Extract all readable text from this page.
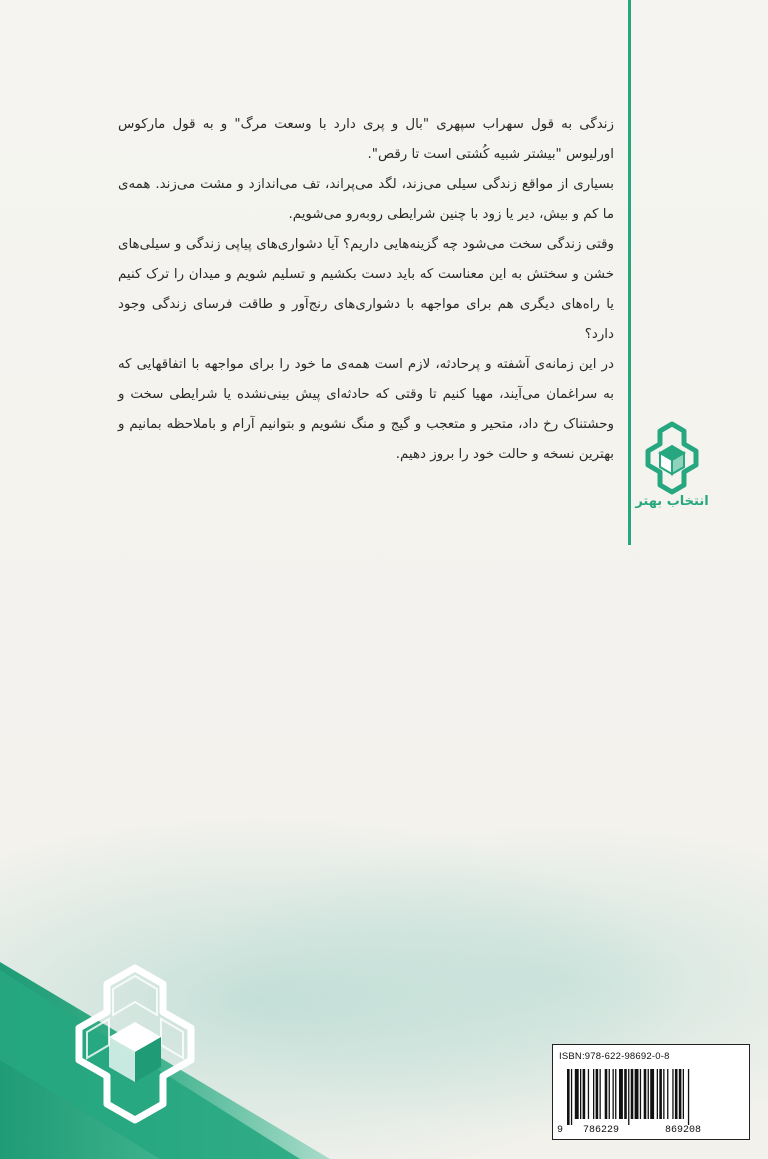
زندگی به قول سهراب سپهری "بال و پری دارد با وسعت مرگ" و به قول مارکوس اورلیوس "بیشتر شبیه کُشتی است تا رقص".

بسیاری از مواقع زندگی سیلی می‌زند، لگد می‌پراند، تف می‌اندازد و مشت می‌زند. همه‌ی ما کم و بیش، دیر یا زود با چنین شرایطی روبه‌رو می‌شویم.

وقتی زندگی سخت می‌شود چه گزینه‌هایی داریم؟ آیا دشواری‌های پیاپی زندگی و سیلی‌های خشن و سختش به این معناست که باید دست بکشیم و تسلیم شویم و میدان را ترک کنیم یا راه‌های دیگری هم برای مواجهه با دشواری‌های رنج‌آور و طاقت فرسای زندگی وجود دارد؟

در این زمانه‌ی آشفته و پرحادثه، لازم است همه‌ی ما خود را برای مواجهه با اتفاقهایی که به سراغمان می‌آیند، مهیا کنیم تا وقتی که حادثه‌ای پیش بینی‌نشده یا شرایطی سخت و وحشتناک رخ داد، متحیر و متعجب و گیج و منگ نشویم و بتوانیم آرام و باملاحظه بمانیم و بهترین نسخه و حالت خود را بروز دهیم.

انتخاب بهتر
ISBN:978-622-98692-0-8
9 786229	869208
